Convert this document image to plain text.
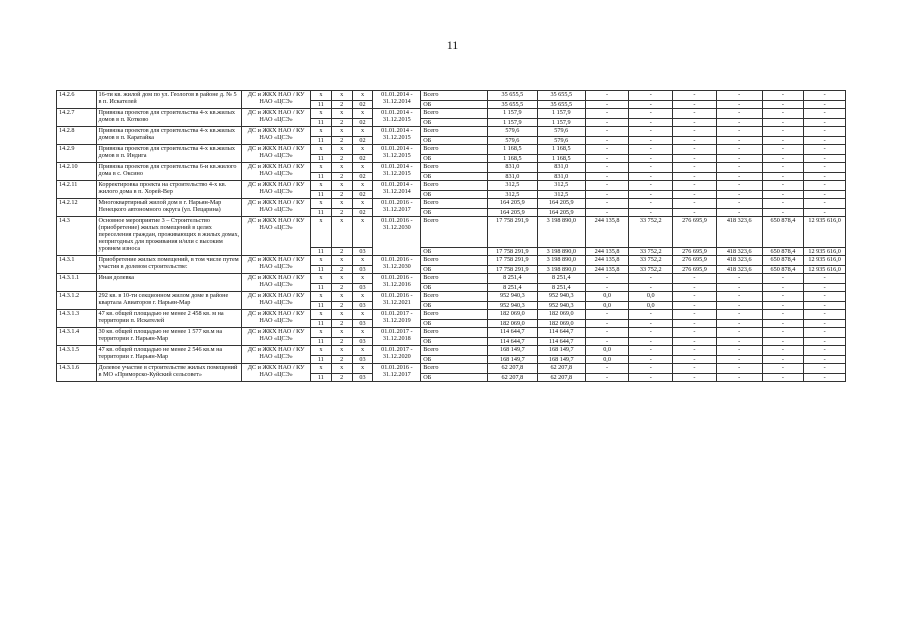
11
14.2.6	16-ти кв. жилой дом по ул. Геологов в районе д. № 5 в п. Искателей	ДС и ЖКХ НАО / КУ НАО «ЦСЭ»	x	x	x	01.01.2014 - 31.12.2014	Всего	35 655,5	35 655,5	-	-	-	-	-	-
			11	2	02		ОБ	35 655,5	35 655,5	-	-	-	-	-	-
14.2.7	Привязка проектов для строительства 4-х кв.жилых домов в п. Котково	ДС и ЖКХ НАО / КУ НАО «ЦСЭ»	x	x	x	01.01.2014 - 31.12.2015	Всего	1 157,9	1 157,9	-	-	-	-	-	-
			11	2	02		ОБ	1 157,9	1 157,9	-	-	-	-	-	-
14.2.8	Привязка проектов для строительства 4-х кв.жилых домов в п. Каратайка	ДС и ЖКХ НАО / КУ НАО «ЦСЭ»	x	x	x	01.01.2014 - 31.12.2015	Всего	579,6	579,6	-	-	-	-	-	-
			11	2	02		ОБ	579,6	579,6	-	-	-	-	-	-
14.2.9	Привязка проектов для строительства 4-х кв.жилых домов в п. Индига	ДС и ЖКХ НАО / КУ НАО «ЦСЭ»	x	x	x	01.01.2014 - 31.12.2015	Всего	1 168,5	1 168,5	-	-	-	-	-	-
			11	2	02		ОБ	1 168,5	1 168,5	-	-	-	-	-	-
14.2.10	Привязка проектов для строительства 6-и кв.жилого дома в с. Оксино	ДС и ЖКХ НАО / КУ НАО «ЦСЭ»	x	x	x	01.01.2014 - 31.12.2015	Всего	831,0	831,0	-	-	-	-	-	-
			11	2	02		ОБ	831,0	831,0	-	-	-	-	-	-
14.2.11	Корректировка проекта на строительство 4-х кв. жилого дома в п. Хорей-Вер	ДС и ЖКХ НАО / КУ НАО «ЦСЭ»	x	x	x	01.01.2014 - 31.12.2014	Всего	312,5	312,5	-	-	-	-	-	-
			11	2	02		ОБ	312,5	312,5	-	-	-	-	-	-
14.2.12	Многоквартирный жилой дом в г. Нарьян-Мар Ненецкого автономного округа (ул. Пецарина)	ДС и ЖКХ НАО / КУ НАО «ЦСЭ»	x	x	x	01.01.2016 - 31.12.2017	Всего	164 205,9	164 205,9	-	-	-	-	-	-
			11	2	02		ОБ	164 205,9	164 205,9	-	-	-	-	-	-
14.3	Основное мероприятие 3 – Строительство (приобретение) жилых помещений в целях переселения граждан, проживающих в жилых домах, непригодных для проживания и/или с высоким уровнем износа	ДС и ЖКХ НАО / КУ НАО «ЦСЭ»	x	x	x	01.01.2016 - 31.12.2030	Всего	17 758 291,9	3 198 890,0	244 135,8	33 752,2	276 695,9	418 323,6	650 878,4	12 935 616,0
			11	2	03		ОБ	17 758 291,9	3 198 890,0	244 135,8	33 752,2	276 695,9	418 323,6	650 878,4	12 935 616,0
14.3.1	Приобретение жилых помещений, в том числе путем участия в долевом строительстве:	ДС и ЖКХ НАО / КУ НАО «ЦСЭ»	x	x	x	01.01.2016 - 31.12.2030	Всего	17 758 291,9	3 198 890,0	244 135,8	33 752,2	276 695,9	418 323,6	650 878,4	12 935 616,0
			11	2	03		ОБ	17 758 291,9	3 198 890,0	244 135,8	33 752,2	276 695,9	418 323,6	650 878,4	12 935 616,0
14.3.1.1	Иная долевка	ДС и ЖКХ НАО / КУ НАО «ЦСЭ»	x	x	x	01.01.2016 - 31.12.2016	Всего	8 251,4	8 251,4	-	-	-	-	-	-
			11	2	03		ОБ	8 251,4	8 251,4	-	-	-	-	-	-
14.3.1.2	292 кв. в 10-ти секционном жилом доме в районе квартала Авиаторов г. Нарьян-Мар	ДС и ЖКХ НАО / КУ НАО «ЦСЭ»	x	x	x	01.01.2016 - 31.12.2021	Всего	952 940,3	952 940,3	0,0	0,0	-	-	-	-
			11	2	03		ОБ	952 940,3	952 940,3	0,0	0,0	-	-	-	-
14.3.1.3	47 кв. общей площадью не менее 2 458 кв. м на территории п. Искателей	ДС и ЖКХ НАО / КУ НАО «ЦСЭ»	x	x	x	01.01.2017 - 31.12.2019	Всего	182 069,0	182 069,0	-	-	-	-	-	-
			11	2	03		ОБ	182 069,0	182 069,0	-	-	-	-	-	-
14.3.1.4	30 кв. общей площадью не менее 1 577 кв.м на территории г. Нарьян-Мар	ДС и ЖКХ НАО / КУ НАО «ЦСЭ»	x	x	x	01.01.2017 - 31.12.2018	Всего	114 644,7	114 644,7	-	-	-	-	-	-
			11	2	03		ОБ	114 644,7	114 644,7	-	-	-	-	-	-
14.3.1.5	47 кв. общей площадью не менее 2 546 кв.м на территории г. Нарьян-Мар	ДС и ЖКХ НАО / КУ НАО «ЦСЭ»	x	x	x	01.01.2017 - 31.12.2020	Всего	168 149,7	168 149,7	0,0	-	-	-	-	-
			11	2	03		ОБ	168 149,7	168 149,7	0,0	-	-	-	-	-
14.3.1.6	Долевое участие в строительстве жилых помещений в МО «Приморско-Куйский сельсовет»	ДС и ЖКХ НАО / КУ НАО «ЦСЭ»	x	x	x	01.01.2016 - 31.12.2017	Всего	62 207,8	62 207,8	-	-	-	-	-	-
			11	2	03		ОБ	62 207,8	62 207,8	-	-	-	-	-	-
